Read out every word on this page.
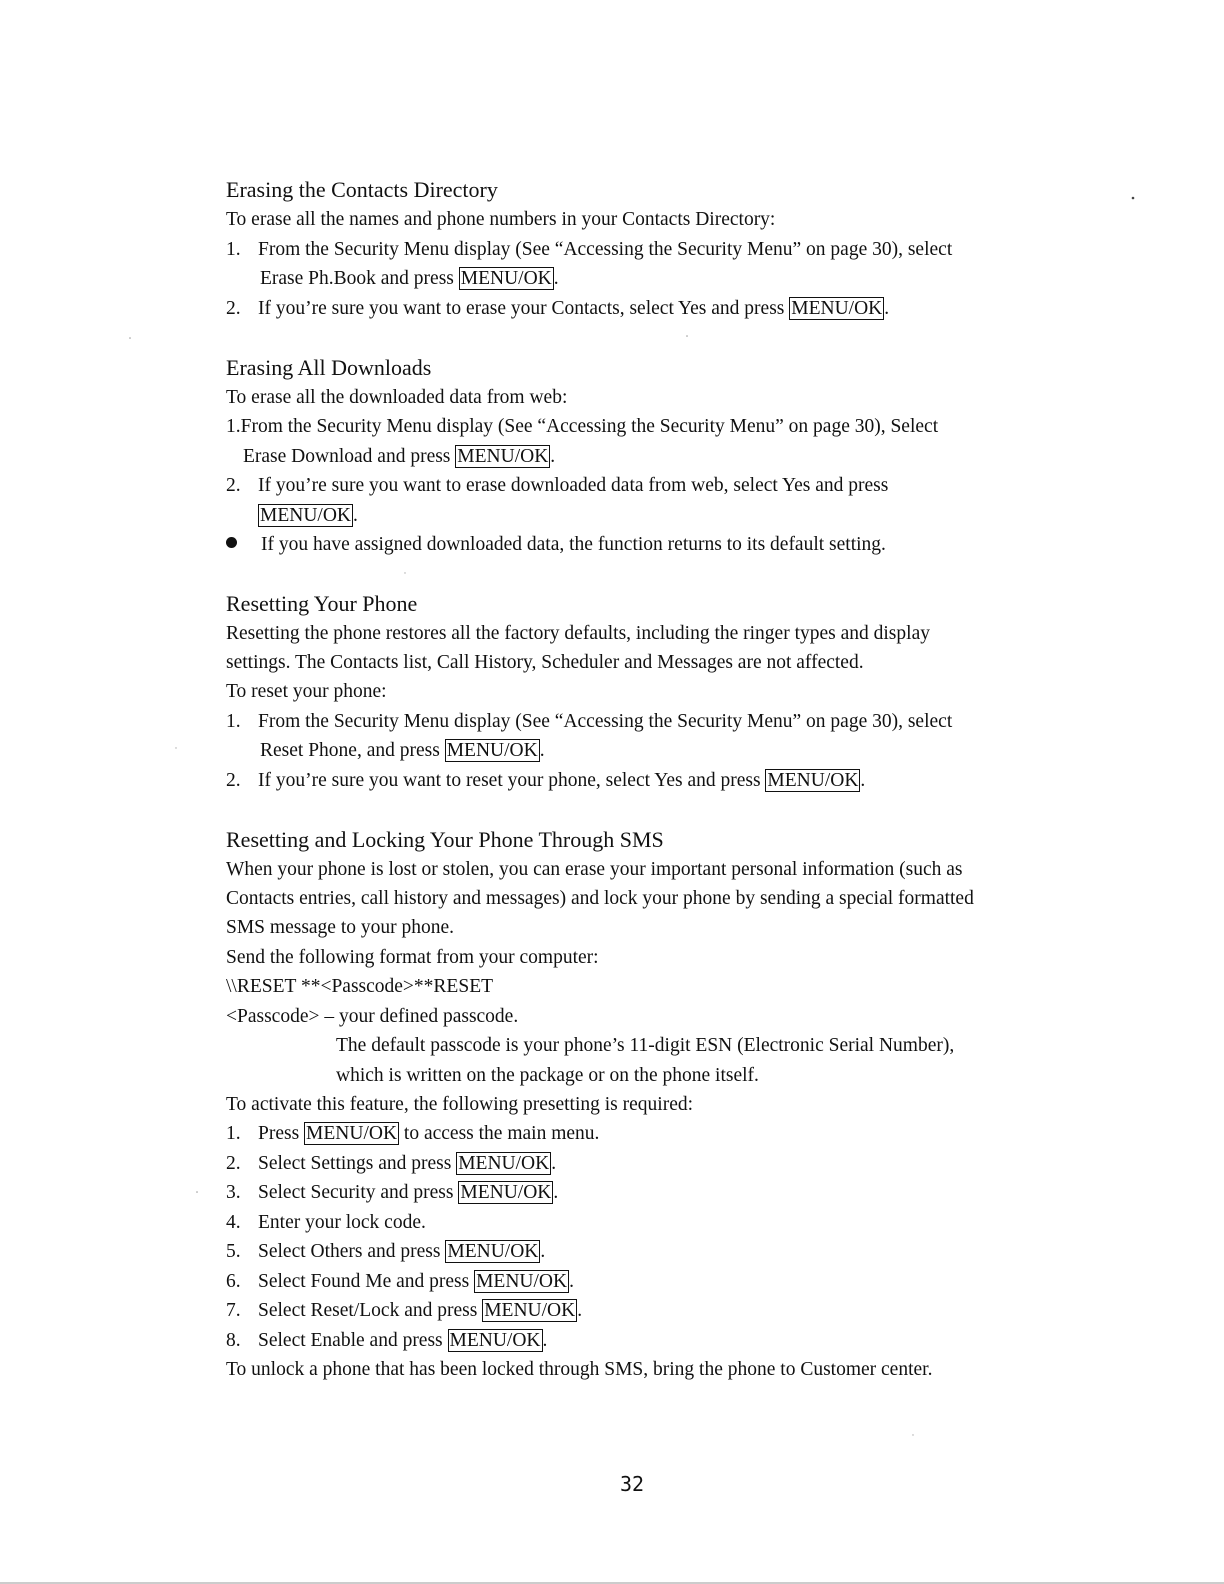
Erasing the Contacts Directory
To erase all the names and phone numbers in your Contacts Directory:
1. From the Security Menu display (See “Accessing the Security Menu” on page 30), select
Erase Ph.Book and press MENU/OK .
2. If you’re sure you want to erase your Contacts, select Yes and press MENU/OK .
Erasing All Downloads
To erase all the downloaded data from web:
1.From the Security Menu display (See “Accessing the Security Menu” on page 30), Select
Erase Download and press MENU/OK .
2. If you’re sure you want to erase downloaded data from web, select Yes and press
MENU/OK .
If you have assigned downloaded data, the function returns to its default setting.
Resetting Your Phone
Resetting the phone restores all the factory defaults, including the ringer types and display
settings. The Contacts list, Call History, Scheduler and Messages are not affected.
To reset your phone:
1. From the Security Menu display (See “Accessing the Security Menu” on page 30), select
Reset Phone, and press MENU/OK .
2. If you’re sure you want to reset your phone, select Yes and press MENU/OK .
Resetting and Locking Your Phone Through SMS
When your phone is lost or stolen, you can erase your important personal information (such as
Contacts entries, call history and messages) and lock your phone by sending a special formatted
SMS message to your phone.
Send the following format from your computer:
\\RESET **<Passcode>**RESET
<Passcode> – your defined passcode.
The default passcode is your phone’s 11-digit ESN (Electronic Serial Number),
which is written on the package or on the phone itself.
To activate this feature, the following presetting is required:
1. Press MENU/OK to access the main menu.
2. Select Settings and press MENU/OK .
3. Select Security and press MENU/OK .
4. Enter your lock code.
5. Select Others and press MENU/OK .
6. Select Found Me and press MENU/OK .
7. Select Reset/Lock and press MENU/OK .
8. Select Enable and press MENU/OK .
To unlock a phone that has been locked through SMS, bring the phone to Customer center.
32
